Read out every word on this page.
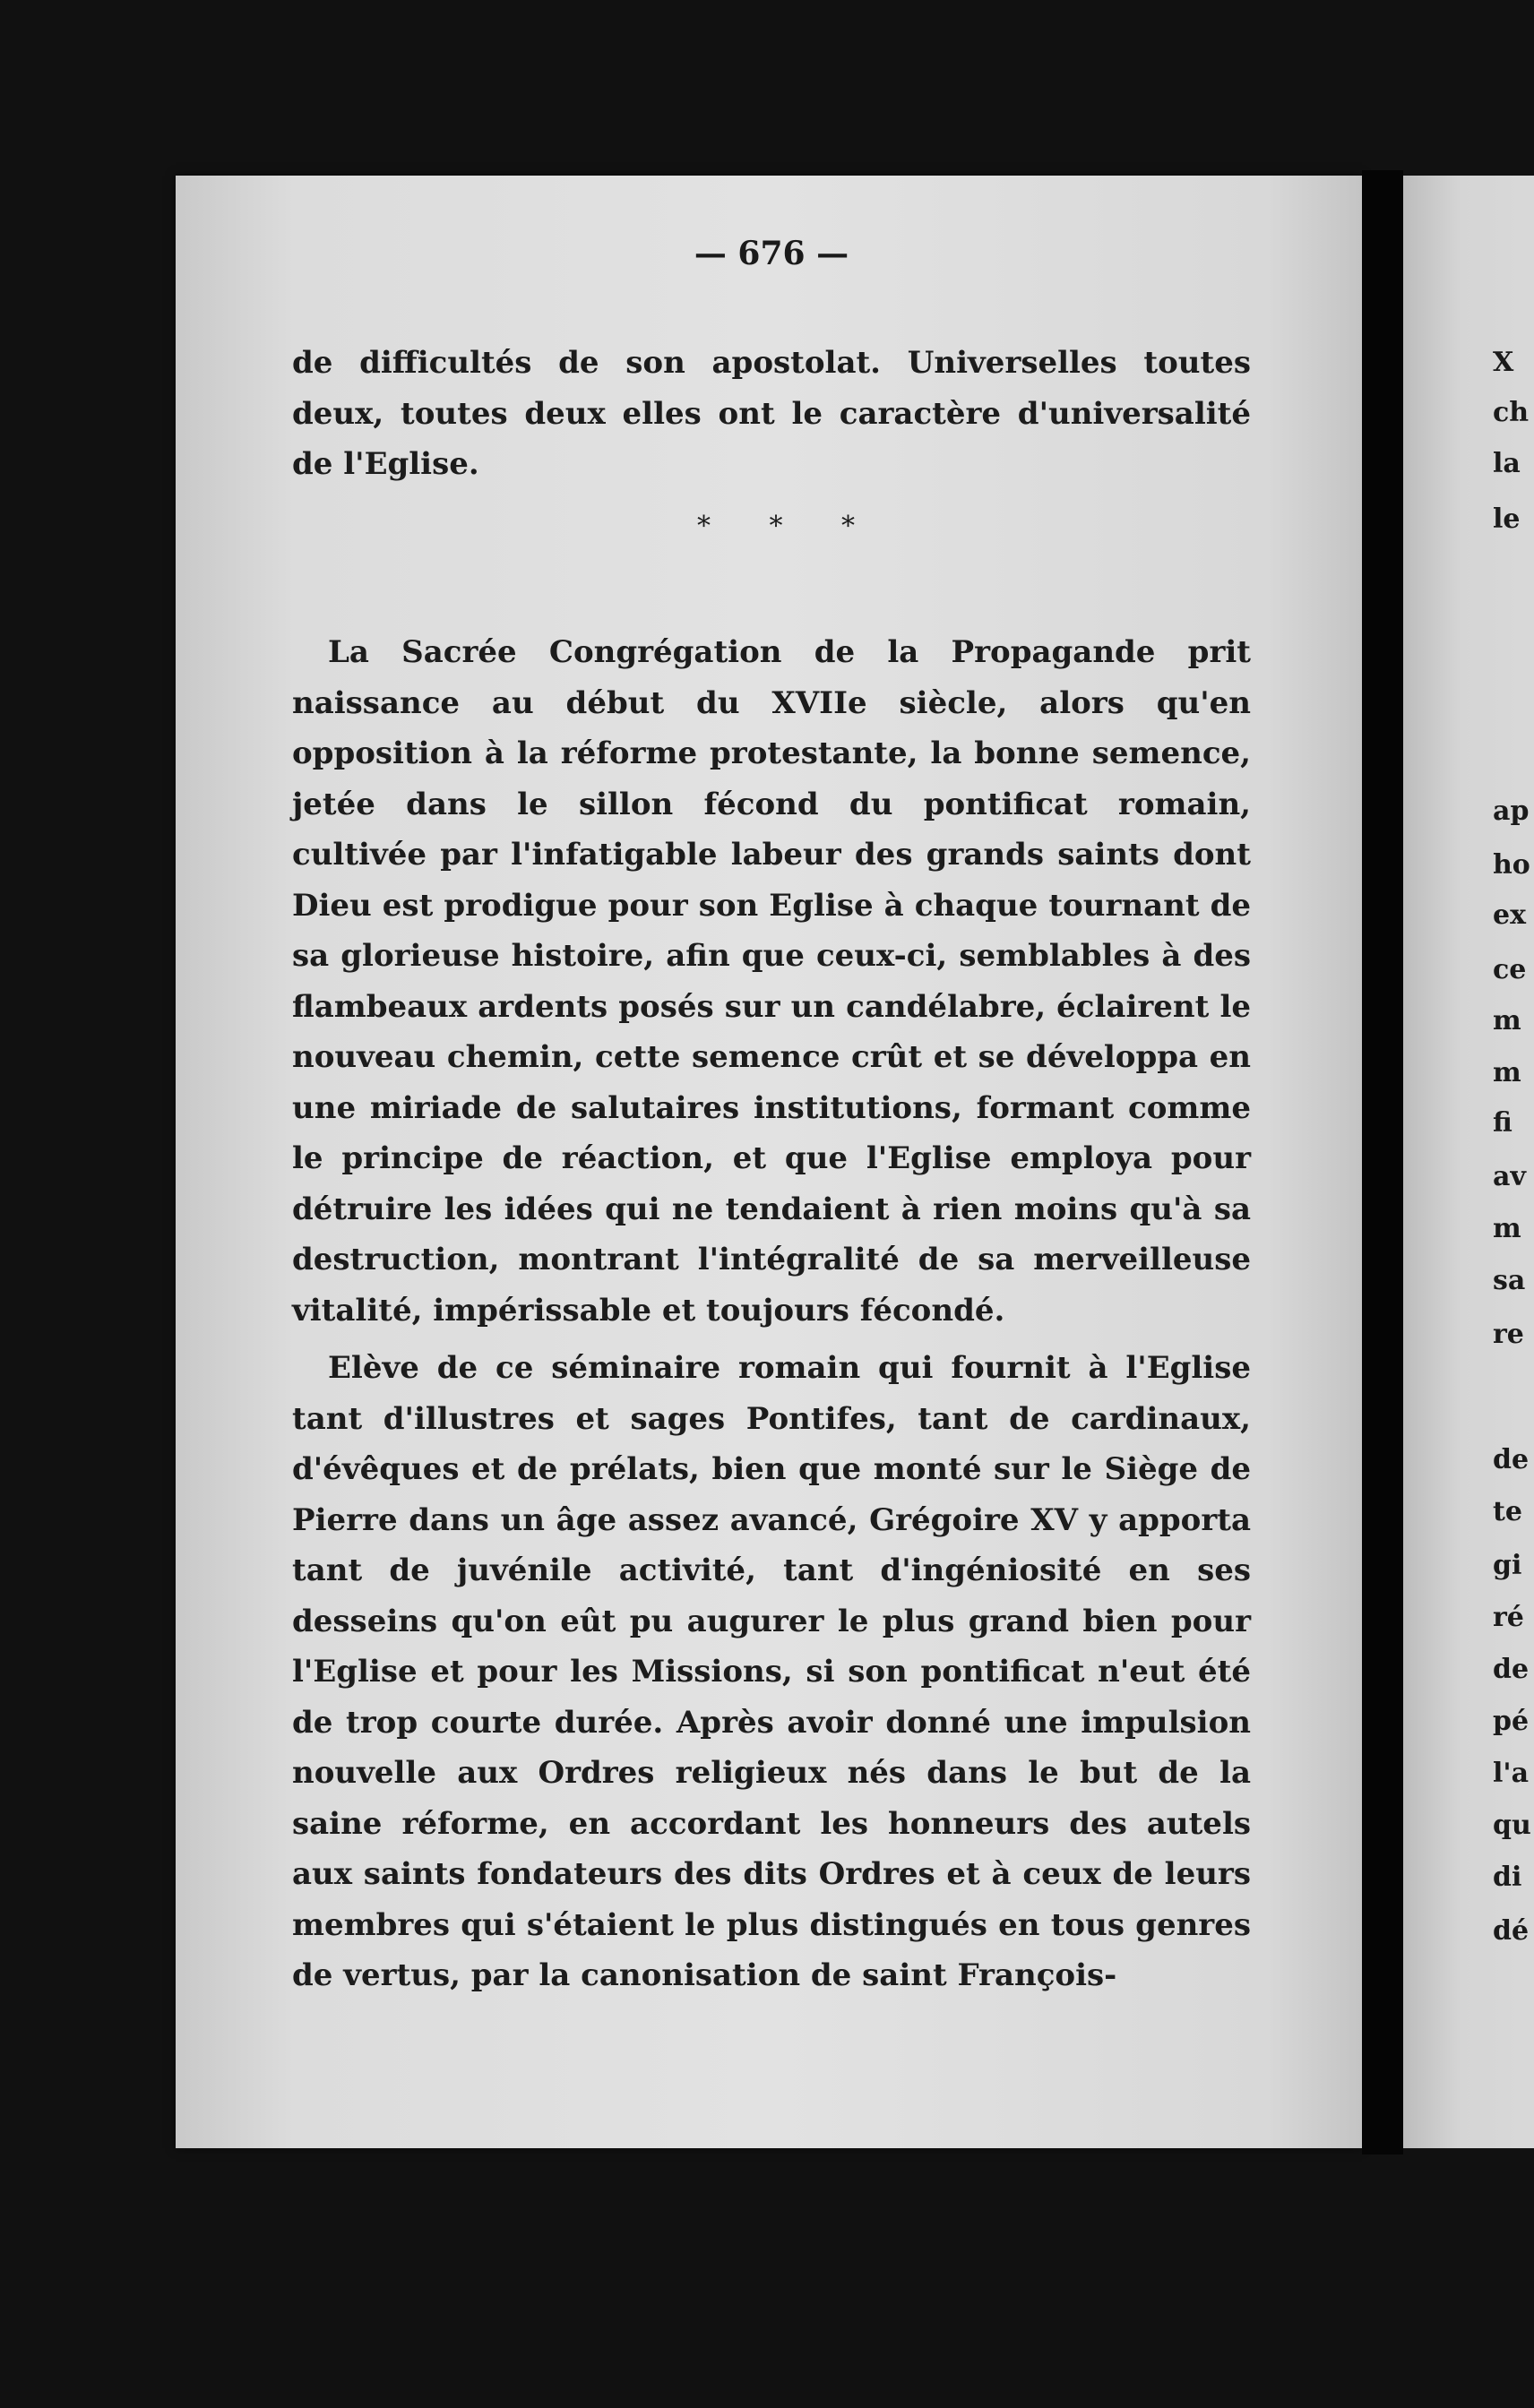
— 676 —

de difficultés de son apostolat. Universelles toutes deux, toutes deux elles ont le caractère d'universalité de l'Eglise.

* * *

La Sacrée Congrégation de la Propagande prit naissance au début du XVIIe siècle, alors qu'en opposition à la réforme protestante, la bonne semence, jetée dans le sillon fécond du pontificat romain, cultivée par l'infatigable labeur des grands saints dont Dieu est prodigue pour son Eglise à chaque tournant de sa glorieuse histoire, afin que ceux-ci, semblables à des flambeaux ardents posés sur un candélabre, éclairent le nouveau chemin, cette semence crût et se développa en une miriade de salutaires institutions, formant comme le principe de réaction, et que l'Eglise employa pour détruire les idées qui ne tendaient à rien moins qu'à sa destruction, montrant l'intégralité de sa merveilleuse vitalité, impérissable et toujours fécondé.

Elève de ce séminaire romain qui fournit à l'Eglise tant d'illustres et sages Pontifes, tant de cardinaux, d'évêques et de prélats, bien que monté sur le Siège de Pierre dans un âge assez avancé, Grégoire XV y apporta tant de juvénile activité, tant d'ingéniosité en ses desseins qu'on eût pu augurer le plus grand bien pour l'Eglise et pour les Missions, si son pontificat n'eut été de trop courte durée. Après avoir donné une impulsion nouvelle aux Ordres religieux nés dans le but de la saine réforme, en accordant les honneurs des autels aux saints fondateurs des dits Ordres et à ceux de leurs membres qui s'étaient le plus distingués en tous genres de vertus, par la canonisation de saint François-

X
ch
la
le
ap
ho
ex
ce
m
m
fi
av
m
sa
re
de
te
gi
ré
de
pé
l'a
qu
di
dé
